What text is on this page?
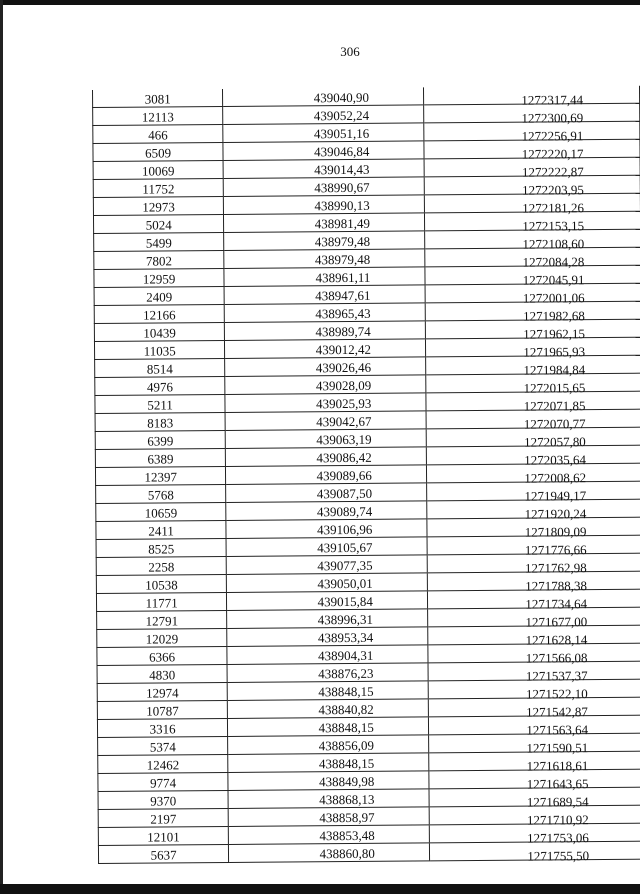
306
3081	439040,90	1272317,44
12113	439052,24	1272300,69
466	439051,16	1272256,91
6509	439046,84	1272220,17
10069	439014,43	1272222,87
11752	438990,67	1272203,95
12973	438990,13	1272181,26
5024	438981,49	1272153,15
5499	438979,48	1272108,60
7802	438979,48	1272084,28
12959	438961,11	1272045,91
2409	438947,61	1272001,06
12166	438965,43	1271982,68
10439	438989,74	1271962,15
11035	439012,42	1271965,93
8514	439026,46	1271984,84
4976	439028,09	1272015,65
5211	439025,93	1272071,85
8183	439042,67	1272070,77
6399	439063,19	1272057,80
6389	439086,42	1272035,64
12397	439089,66	1272008,62
5768	439087,50	1271949,17
10659	439089,74	1271920,24
2411	439106,96	1271809,09
8525	439105,67	1271776,66
2258	439077,35	1271762,98
10538	439050,01	1271788,38
11771	439015,84	1271734,64
12791	438996,31	1271677,00
12029	438953,34	1271628,14
6366	438904,31	1271566,08
4830	438876,23	1271537,37
12974	438848,15	1271522,10
10787	438840,82	1271542,87
3316	438848,15	1271563,64
5374	438856,09	1271590,51
12462	438848,15	1271618,61
9774	438849,98	1271643,65
9370	438868,13	1271689,54
2197	438858,97	1271710,92
12101	438853,48	1271753,06
5637	438860,80	1271755,50
